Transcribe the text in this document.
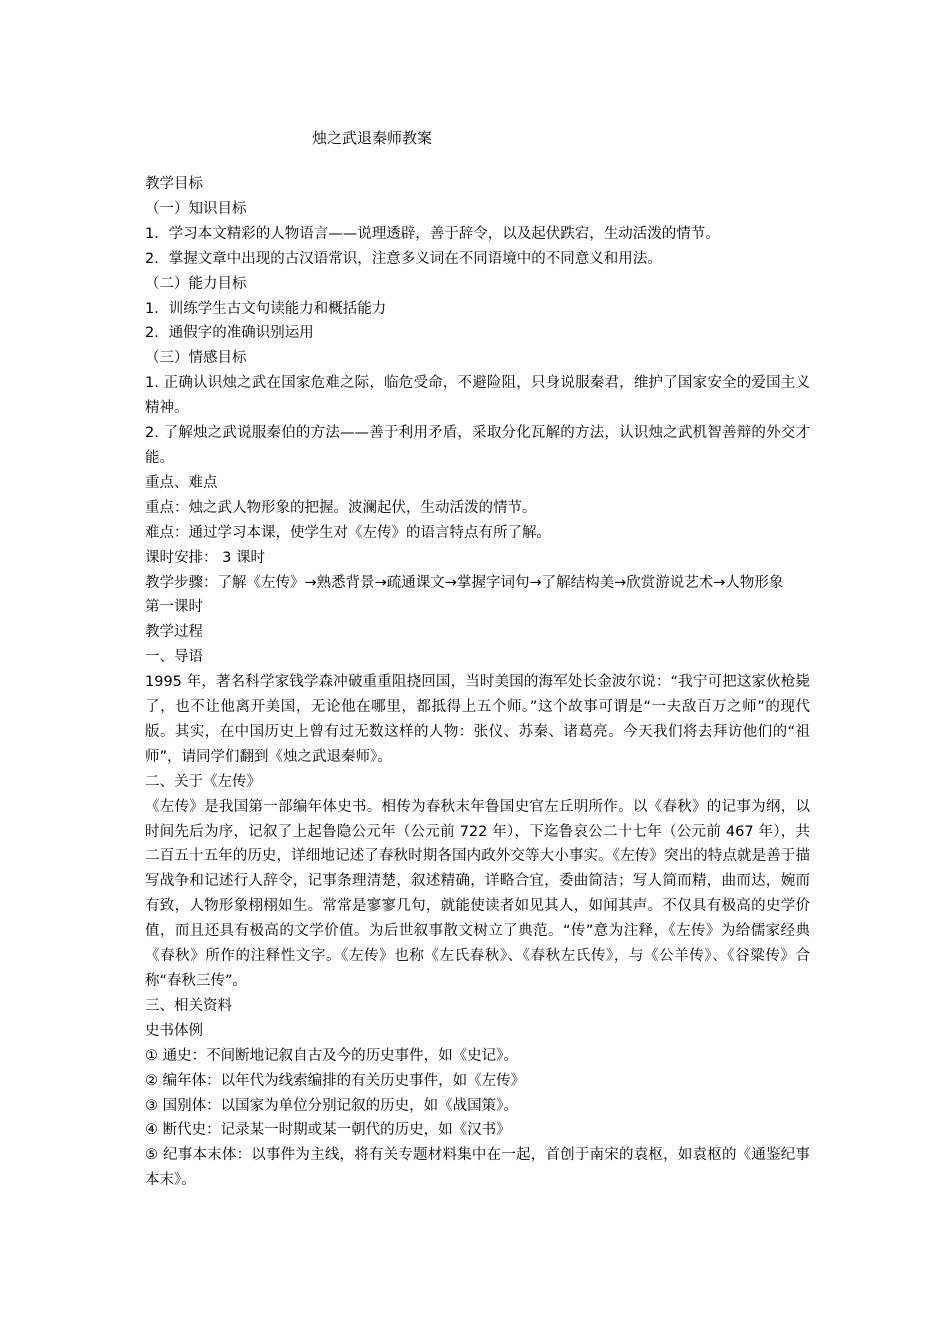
烛之武退秦师教案

教学目标

（一）知识目标

1．学习本文精彩的人物语言——说理透辟，善于辞令，以及起伏跌宕，生动活泼的情节。

2．掌握文章中出现的古汉语常识，注意多义词在不同语境中的不同意义和用法。

（二）能力目标

1．训练学生古文句读能力和概括能力

2．通假字的准确识别运用

（三）情感目标

1. 正确认识烛之武在国家危难之际，临危受命，不避险阻，只身说服秦君，维护了国家安全的爱国主义精神。

2. 了解烛之武说服秦伯的方法——善于利用矛盾，采取分化瓦解的方法，认识烛之武机智善辩的外交才能。

重点、难点

重点：烛之武人物形象的把握。波澜起伏，生动活泼的情节。

难点：通过学习本课，使学生对《左传》的语言特点有所了解。

课时安排： 3 课时

教学步骤：了解《左传》→熟悉背景→疏通课文→掌握字词句→了解结构美→欣赏游说艺术→人物形象

第一课时

教学过程

一、导语

1995 年，著名科学家钱学森冲破重重阻挠回国，当时美国的海军处长金波尔说：“我宁可把这家伙枪毙了，也不让他离开美国，无论他在哪里，都抵得上五个师。”这个故事可谓是“一夫敌百万之师”的现代版。其实，在中国历史上曾有过无数这样的人物：张仪、苏秦、诸葛亮。今天我们将去拜访他们的“祖师”，请同学们翻到《烛之武退秦师》。

二、关于《左传》

《左传》是我国第一部编年体史书。相传为春秋末年鲁国史官左丘明所作。以《春秋》的记事为纲，以时间先后为序，记叙了上起鲁隐公元年（公元前 722 年），下迄鲁哀公二十七年（公元前 467 年），共二百五十五年的历史，详细地记述了春秋时期各国内政外交等大小事实。《左传》突出的特点就是善于描写战争和记述行人辞令，记事条理清楚，叙述精确，详略合宜，委曲简洁；写人简而精，曲而达，婉而有致，人物形象栩栩如生。常常是寥寥几句，就能使读者如见其人，如闻其声。不仅具有极高的史学价值，而且还具有极高的文学价值。为后世叙事散文树立了典范。“传”意为注释，《左传》为给儒家经典《春秋》所作的注释性文字。《左传》也称《左氏春秋》、《春秋左氏传》，与《公羊传》、《谷粱传》合称“春秋三传”。

三、相关资料

史书体例

① 通史：不间断地记叙自古及今的历史事件，如《史记》。

② 编年体：以年代为线索编排的有关历史事件，如《左传》

③ 国别体：以国家为单位分别记叙的历史，如《战国策》。

④ 断代史：记录某一时期或某一朝代的历史，如《汉书》

⑤ 纪事本末体：以事件为主线，将有关专题材料集中在一起，首创于南宋的袁枢，如袁枢的《通鉴纪事本末》。
